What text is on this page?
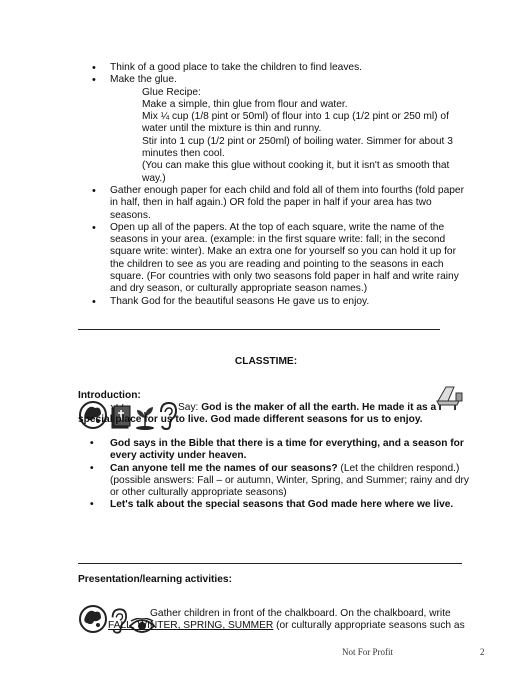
• Think of a good place to take the children to find leaves.
• Make the glue.
Glue Recipe:
Make a simple, thin glue from flour and water.
Mix ¼ cup (1/8 pint or 50ml) of flour into 1 cup (1/2 pint or 250 ml) of water until the mixture is thin and runny.
Stir into 1 cup (1/2 pint or 250ml) of boiling water. Simmer for about 3 minutes then cool.
(You can make this glue without cooking it, but it isn't as smooth that way.)
• Gather enough paper for each child and fold all of them into fourths (fold paper in half, then in half again.) OR fold the paper in half if your area has two seasons.
• Open up all of the papers. At the top of each square, write the name of the seasons in your area. (example: in the first square write: fall; in the second square write: winter). Make an extra one for yourself so you can hold it up for the children to see as you are reading and pointing to the seasons in each square. (For countries with only two seasons fold paper in half and write rainy and dry season, or culturally appropriate season names.)
• Thank God for the beautiful seasons He gave us to enjoy.
CLASSTIME:
Introduction:
Say: God is the maker of all the earth. He made it as a special place for us to live. God made different seasons for us to enjoy.
• God says in the Bible that there is a time for everything, and a season for every activity under heaven.
• Can anyone tell me the names of our seasons? (Let the children respond.) (possible answers: Fall – or autumn, Winter, Spring, and Summer; rainy and dry or other culturally appropriate seasons)
• Let's talk about the special seasons that God made here where we live.
Presentation/learning activities:
Gather children in front of the chalkboard. On the chalkboard, write FALL, WINTER, SPRING, SUMMER (or culturally appropriate seasons such as
Not For Profit	2
